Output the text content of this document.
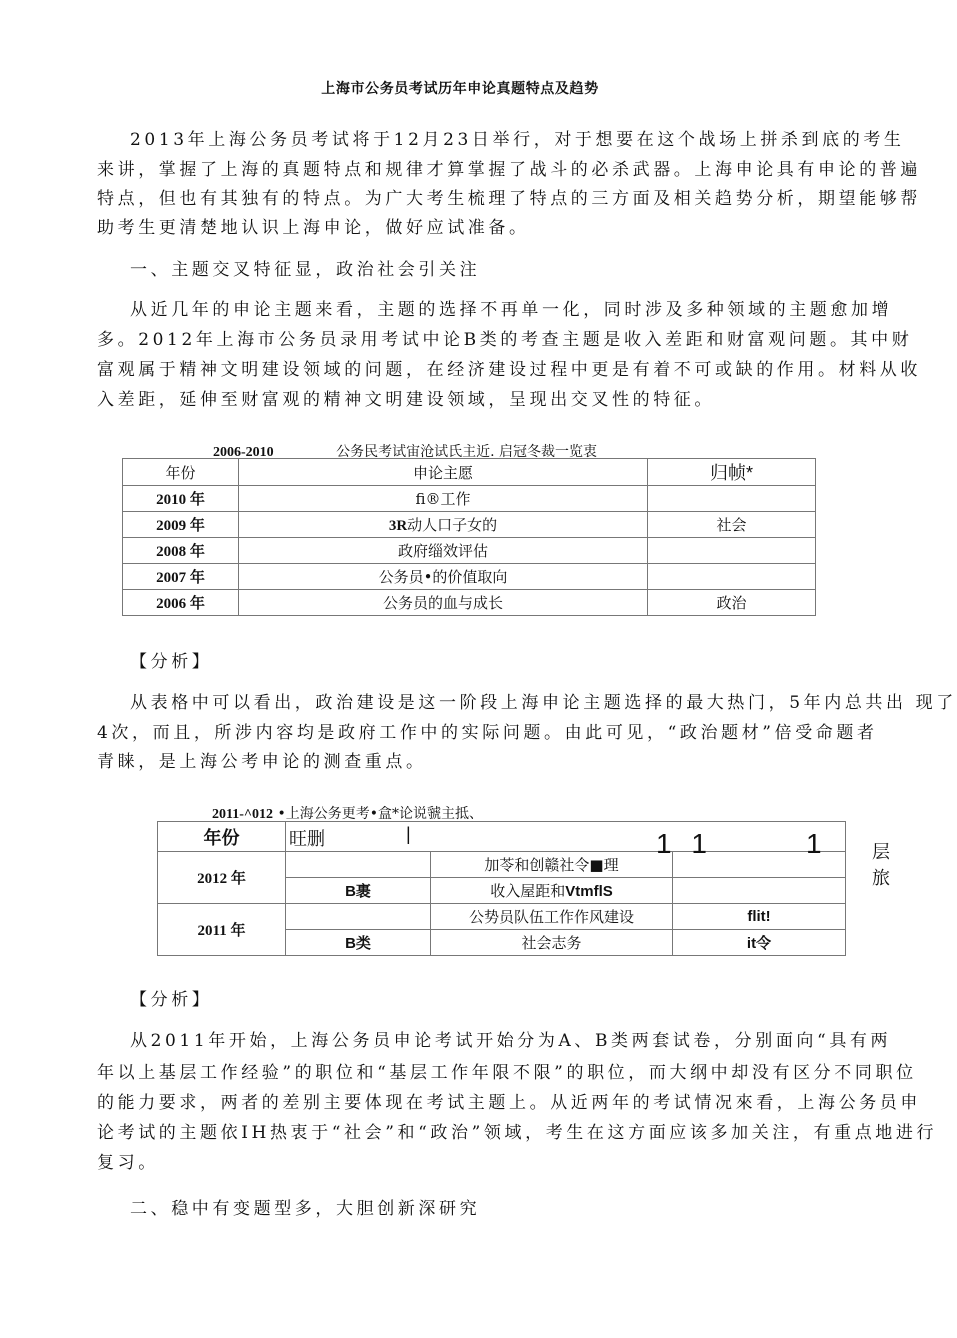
上海市公务员考试历年申论真题特点及趋势
2013年上海公务员考试将于12月23日举行，对于想要在这个战场上拼杀到底的考生
来讲，掌握了上海的真题特点和规律才算掌握了战斗的必杀武器。上海申论具有申论的普遍
特点，但也有其独有的特点。为广大考生梳理了特点的三方面及相关趋势分析，期望能够帮
助考生更清楚地认识上海申论，做好应试准备。
一、主题交叉特征显，政治社会引关注
从近几年的申论主题来看，主题的选择不再单一化，同时涉及多种领域的主题愈加增
多。2012年上海市公务员录用考试中论B类的考查主题是收入差距和财富观问题。其中财
富观属于精神文明建设领域的问题，在经济建设过程中更是有着不可或缺的作用。材料从收
入差距，延伸至财富观的精神文明建设领域，呈现出交叉性的特征。
2006-2010	公务民考试宙沧试氏主近. 启冠冬裁一览衷
年份	申论主愿	归帧*
2010 年	fi®工作	
2009 年	3R动人口子女的	社会
2008 年	政府缁效评估	
2007 年	公务员•的价值取向	
2006 年	公务员的血与成长	政治
【分析】
从表格中可以看出，政治建设是这一阶段上海申论主题选择的最大热门，5年内总共出 现了
4次，而且，所涉内容均是政府工作中的实际问题。由此可见，“政治题材”倍受命题者
青睐，是上海公考申论的测查重点。
2011-^012 •上海公务更考•盒*论说虢主抵、
年份	旺删 | 1 1 1 层旅		

2012 年		加苓和创赣社令■理	
	B裹	收入屋距和VtmflS	
2011 年		公势员队伍工作作风建设	flit!
	B类	社会志务	it令
【分析】
从2011年开始，上海公务员申论考试开始分为A、B类两套试卷，分别面向“具有两
年以上基层工作经验”的职位和“基层工作年限不限”的职位，而大纲中却没有区分不同职位
的能力要求，两者的差别主要体现在考试主题上。从近两年的考试情况來看，上海公务员申
论考试的主题依IH热衷于“社会”和“政治”领域，考生在这方面应该多加关注，有重点地进行
复习。
二、稳中有变题型多，大胆创新深研究
